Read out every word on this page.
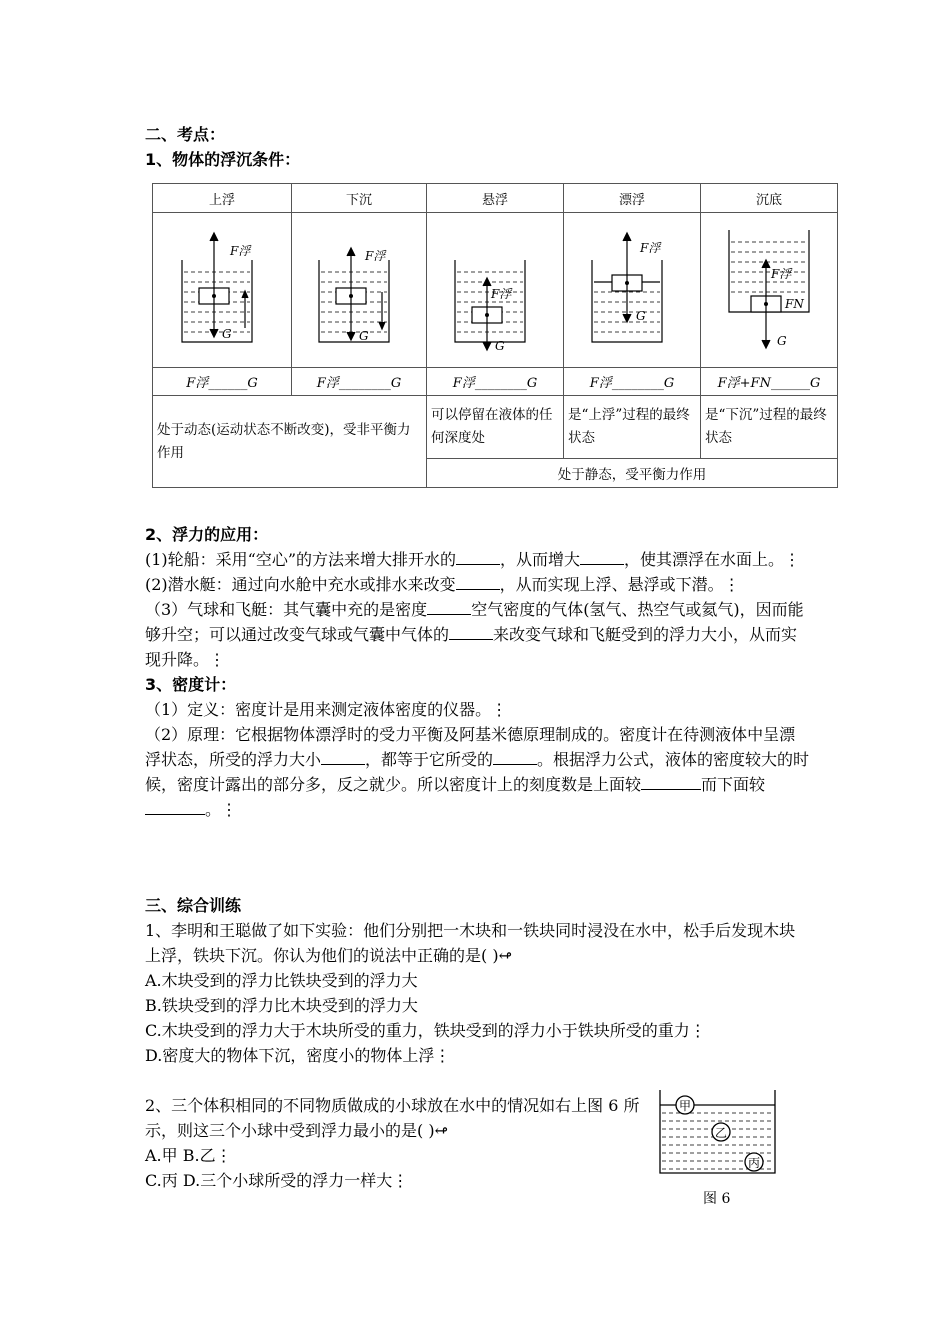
二、考点：

1、物体的浮沉条件：

上浮	下沉	悬浮	漂浮	沉底

F浮
G	F浮
G	F浮
G	F浮
G	F浮
FN
G

F浮______G	F浮________G	F浮________G	F浮________G	F浮+FN______G
处于动态(运动状态不断改变)，受非平衡力作用		可以停留在液体的任何深度处	是“上浮”过程的最终状态	是“下沉”过程的最终状态
		处于静态，受平衡力作用		

2、浮力的应用：

(1)轮船：采用“空心”的方法来增大排开水的	，从而增大	，使其漂浮在水面上。⋮

(2)潜水艇：通过向水舱中充水或排水来改变	，从而实现上浮、悬浮或下潜。⋮

（3）气球和飞艇：其气囊中充的是密度	空气密度的气体(氢气、热空气或氦气)，因而能够升空；可以通过改变气球或气囊中气体的	来改变气球和飞艇受到的浮力大小，从而实现升降。⋮

3、密度计：

（1）定义：密度计是用来测定液体密度的仪器。⋮

（2）原理：它根据物体漂浮时的受力平衡及阿基米德原理制成的。密度计在待测液体中呈漂浮状态，所受的浮力大小	，都等于它所受的	。根据浮力公式，液体的密度较大的时候，密度计露出的部分多，反之就少。所以密度计上的刻度数是上面较	而下面较。⋮

三、综合训练

1、李明和王聪做了如下实验：他们分别把一木块和一铁块同时浸没在水中，松手后发现木块上浮，铁块下沉。你认为他们的说法中正确的是( )↫

A.木块受到的浮力比铁块受到的浮力大

B.铁块受到的浮力比木块受到的浮力大

C.木块受到的浮力大于木块所受的重力，铁块受到的浮力小于铁块所受的重力⋮

D.密度大的物体下沉，密度小的物体上浮⋮

2、三个体积相同的不同物质做成的小球放在水中的情况如右上图 6 所示，则这三个小球中受到浮力最小的是( )↫

A.甲 B.乙⋮

C.丙 D.三个小球所受的浮力一样大⋮

甲
乙
丙
图 6
